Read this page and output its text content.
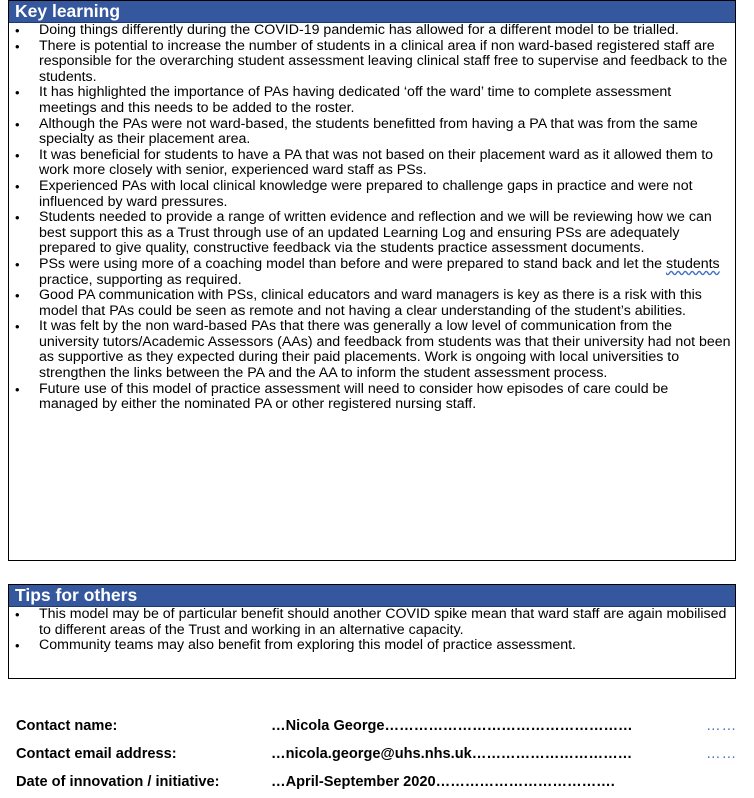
Key learning
• Doing things differently during the COVID-19 pandemic has allowed for a different model to be trialled.
• There is potential to increase the number of students in a clinical area if non ward-based registered staff are responsible for the overarching student assessment leaving clinical staff free to supervise and feedback to the students.
• It has highlighted the importance of PAs having dedicated ‘off the ward’ time to complete assessment meetings and this needs to be added to the roster.
• Although the PAs were not ward-based, the students benefitted from having a PA that was from the same specialty as their placement area.
• It was beneficial for students to have a PA that was not based on their placement ward as it allowed them to work more closely with senior, experienced ward staff as PSs.
• Experienced PAs with local clinical knowledge were prepared to challenge gaps in practice and were not influenced by ward pressures.
• Students needed to provide a range of written evidence and reflection and we will be reviewing how we can best support this as a Trust through use of an updated Learning Log and ensuring PSs are adequately prepared to give quality, constructive feedback via the students practice assessment documents.
• PSs were using more of a coaching model than before and were prepared to stand back and let the students practice, supporting as required.
• Good PA communication with PSs, clinical educators and ward managers is key as there is a risk with this model that PAs could be seen as remote and not having a clear understanding of the student’s abilities.
• It was felt by the non ward-based PAs that there was generally a low level of communication from the university tutors/Academic Assessors (AAs) and feedback from students was that their university had not been as supportive as they expected during their paid placements. Work is ongoing with local universities to strengthen the links between the PA and the AA to inform the student assessment process.
• Future use of this model of practice assessment will need to consider how episodes of care could be managed by either the nominated PA or other registered nursing staff.
Tips for others
• This model may be of particular benefit should another COVID spike mean that ward staff are again mobilised to different areas of the Trust and working in an alternative capacity.
• Community teams may also benefit from exploring this model of practice assessment.
Contact name:	…Nicola George……………………………………………	……
Contact email address:	…nicola.george@uhs.nhs.uk……………………………	……
Date of innovation / initiative:	…April-September 2020……………………………….
